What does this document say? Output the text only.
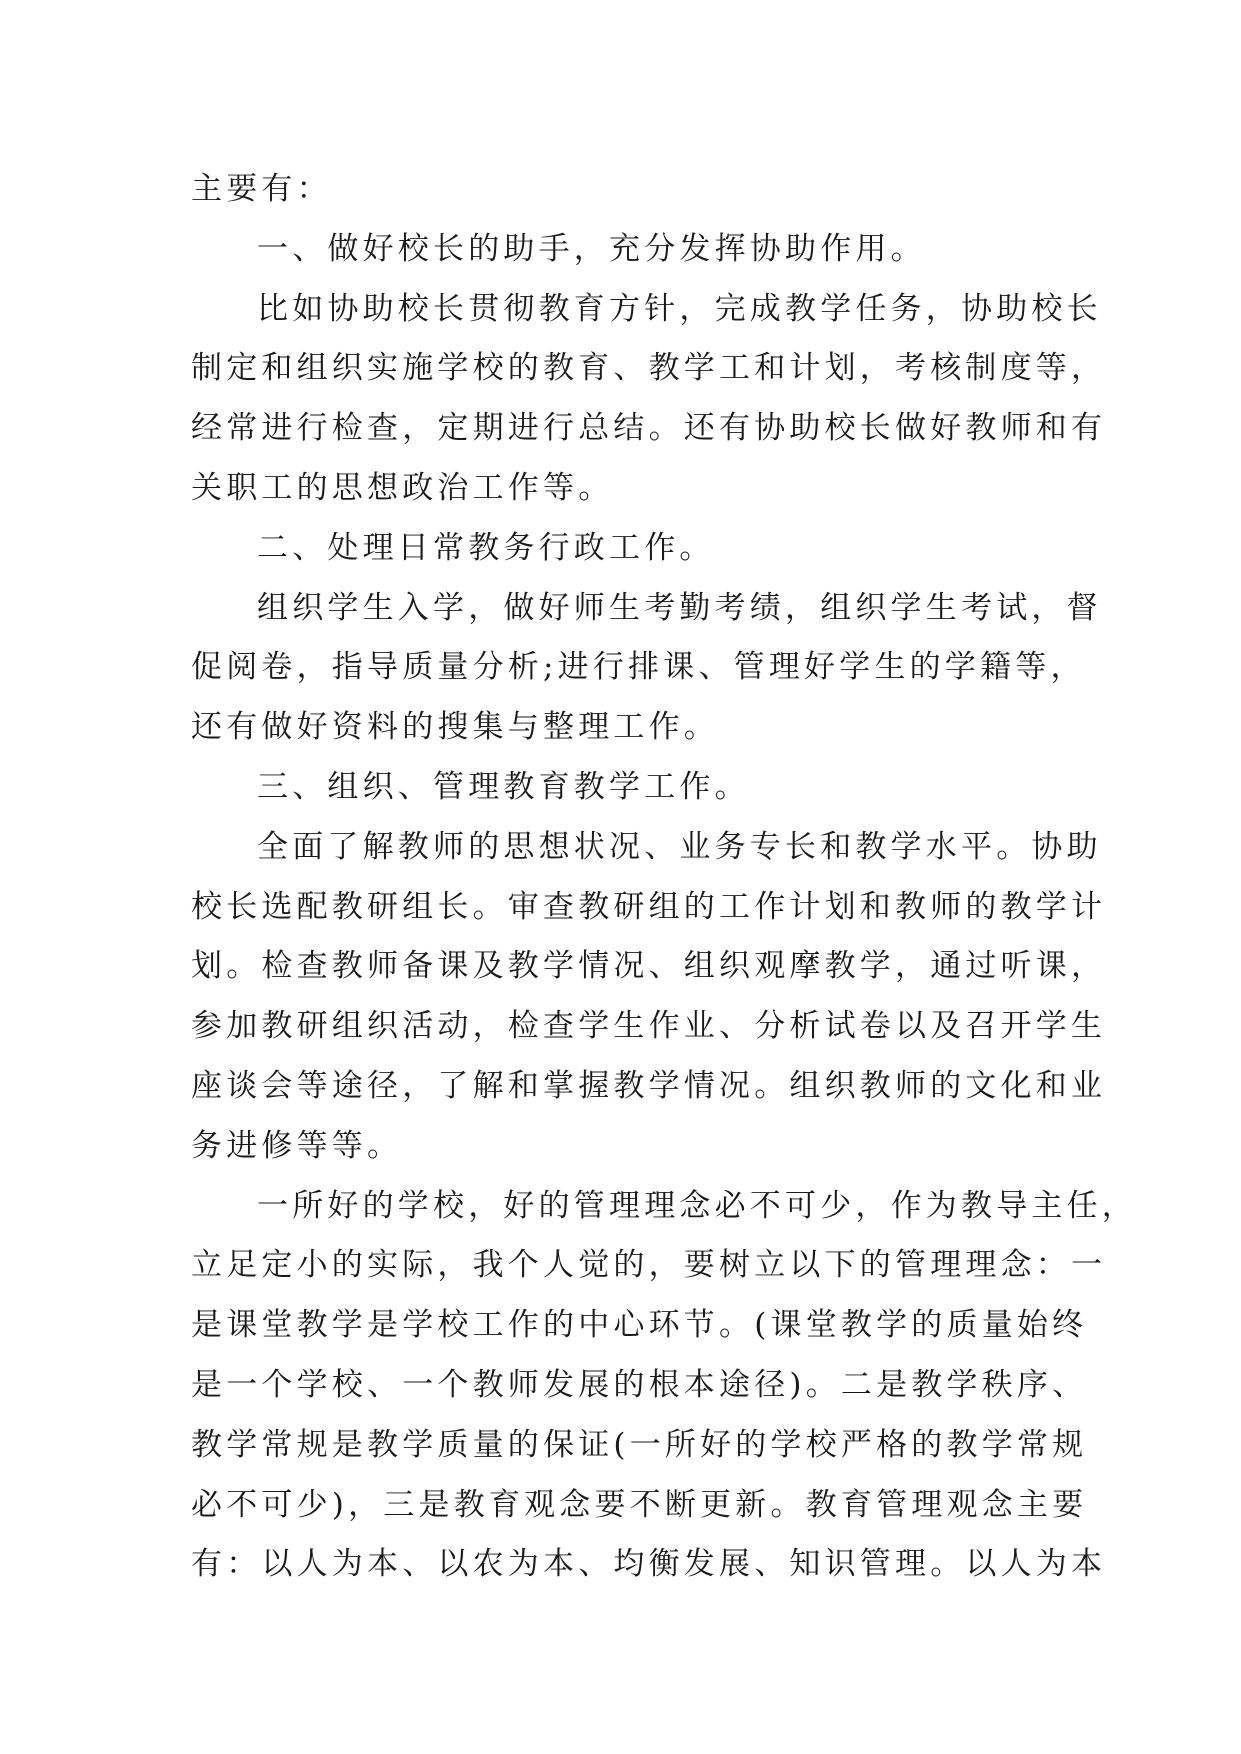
主要有：
一、做好校长的助手，充分发挥协助作用。
比如协助校长贯彻教育方针，完成教学任务，协助校长
制定和组织实施学校的教育、教学工和计划，考核制度等，
经常进行检查，定期进行总结。还有协助校长做好教师和有
关职工的思想政治工作等。
二、处理日常教务行政工作。
组织学生入学，做好师生考勤考绩，组织学生考试，督
促阅卷，指导质量分析;进行排课、管理好学生的学籍等，
还有做好资料的搜集与整理工作。
三、组织、管理教育教学工作。
全面了解教师的思想状况、业务专长和教学水平。协助
校长选配教研组长。审查教研组的工作计划和教师的教学计
划。检查教师备课及教学情况、组织观摩教学，通过听课，
参加教研组织活动，检查学生作业、分析试卷以及召开学生
座谈会等途径，了解和掌握教学情况。组织教师的文化和业
务进修等等。
一所好的学校，好的管理理念必不可少，作为教导主任，
立足定小的实际，我个人觉的，要树立以下的管理理念：一
是课堂教学是学校工作的中心环节。(课堂教学的质量始终
是一个学校、一个教师发展的根本途径)。二是教学秩序、
教学常规是教学质量的保证(一所好的学校严格的教学常规
必不可少)，三是教育观念要不断更新。教育管理观念主要
有：以人为本、以农为本、均衡发展、知识管理。以人为本
